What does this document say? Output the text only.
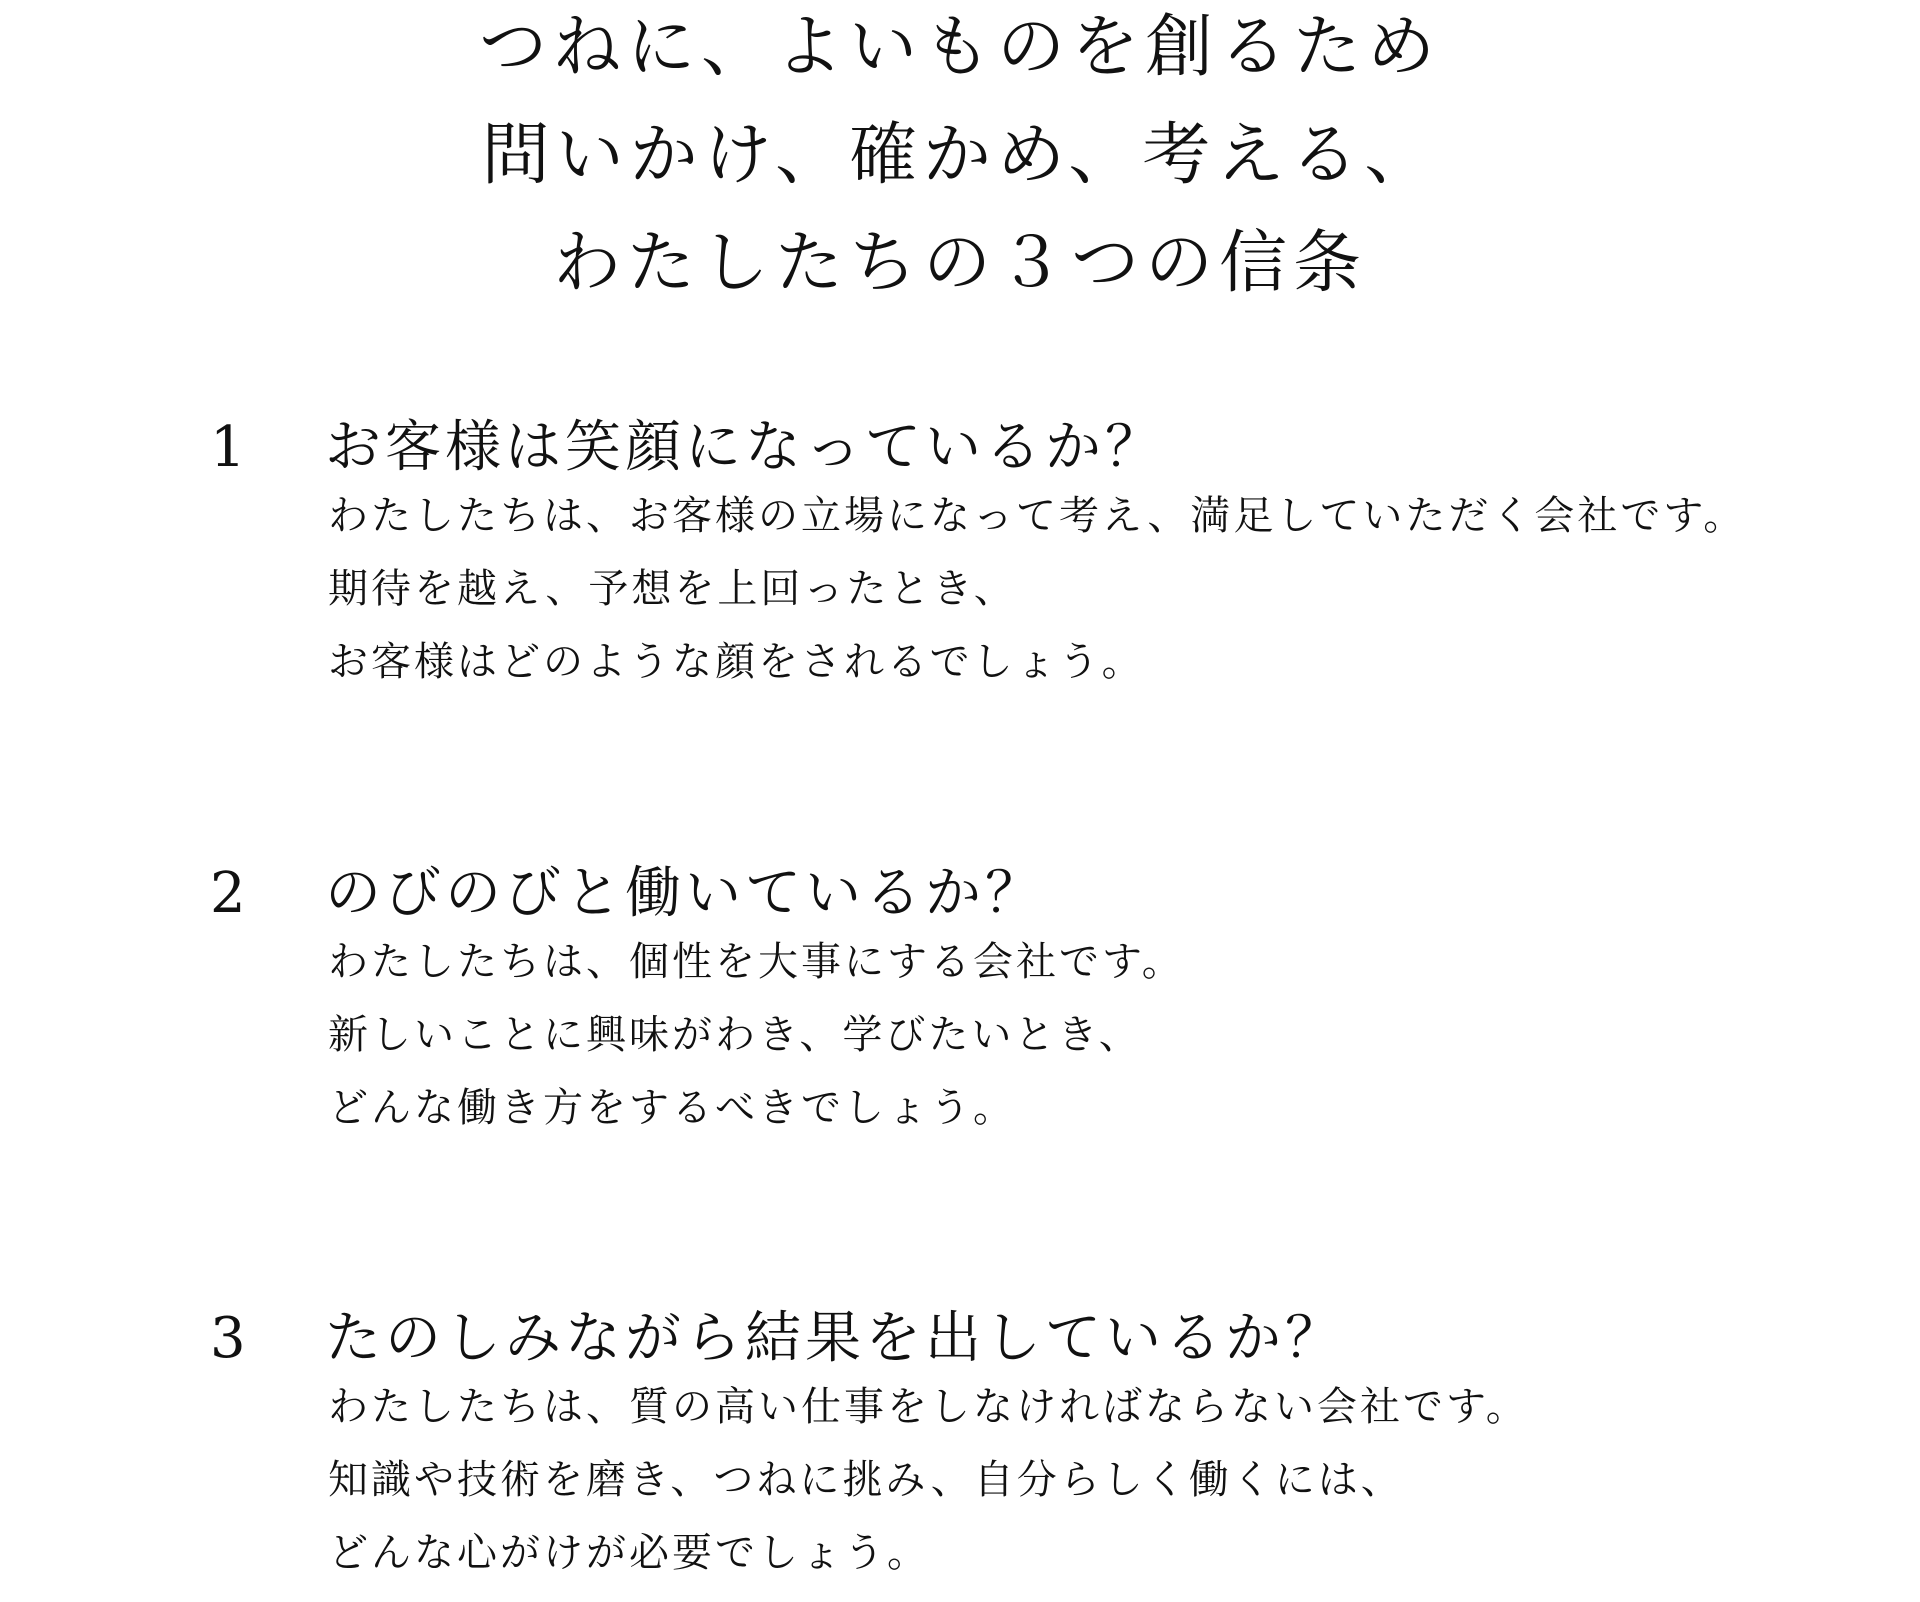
つねに、よいものを創るため
問いかけ、確かめ、考える、
わたしたちの３つの信条
1 お客様は笑顔になっているか？
わたしたちは、お客様の立場になって考え、満足していただく会社です。
期待を越え、予想を上回ったとき、
お客様はどのような顔をされるでしょう。
2 のびのびと働いているか？
わたしたちは、個性を大事にする会社です。
新しいことに興味がわき、学びたいとき、
どんな働き方をするべきでしょう。
3 たのしみながら結果を出しているか？
わたしたちは、質の高い仕事をしなければならない会社です。
知識や技術を磨き、つねに挑み、自分らしく働くには、
どんな心がけが必要でしょう。
